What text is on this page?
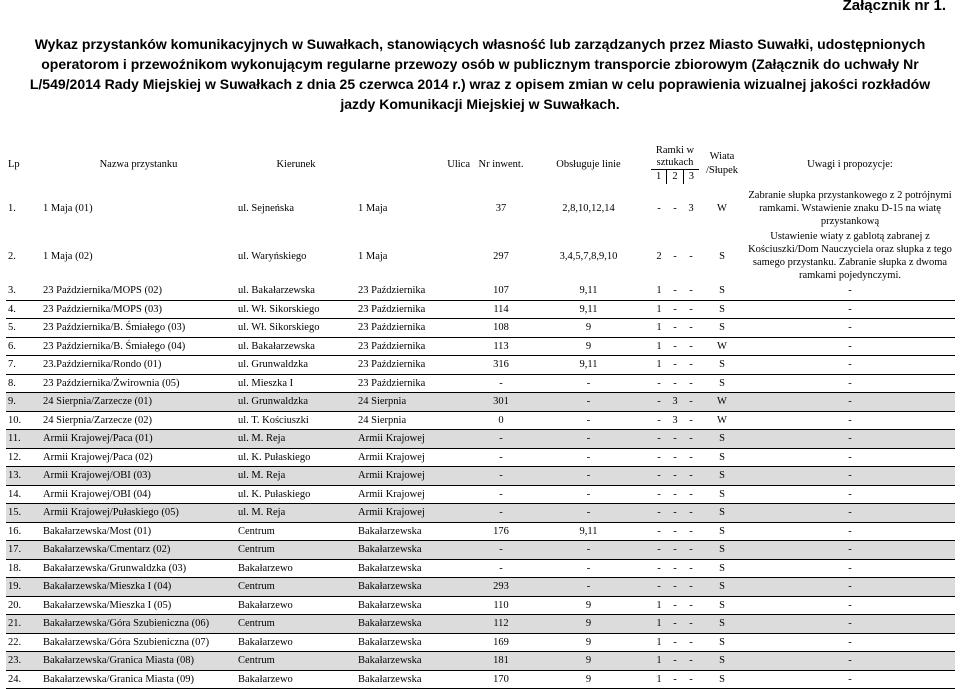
Załącznik nr 1.
Wykaz przystanków komunikacyjnych w Suwałkach, stanowiących własność lub zarządzanych przez Miasto Suwałki, udostępnionych operatorom i przewoźnikom wykonującym regularne przewozy osób w publicznym transporcie zbiorowym (Załącznik do uchwały Nr L/549/2014 Rady Miejskiej w Suwałkach z dnia 25 czerwca 2014 r.) wraz z opisem zmian w celu poprawienia wizualnej jakości rozkładów jazdy Komunikacji Miejskiej w Suwałkach.
Lp	Nazwa przystanku	Kierunek	Ulica	Nr inwent.	Obsługuje linie	Ramki w sztukach
1 2 3	Wiata /Słupek	Uwagi i propozycje:
1.	1 Maja (01)	ul. Sejneńska	1 Maja	37	2,8,10,12,14	- - 3	W	Zabranie słupka przystankowego z 2 potrójnymi ramkami. Wstawienie znaku D-15 na wiatę przystankową
2.	1 Maja (02)	ul. Waryńskiego	1 Maja	297	3,4,5,7,8,9,10	2 - -	S	Ustawienie wiaty z gablotą zabranej z Kościuszki/Dom Nauczyciela oraz słupka z tego samego przystanku. Zabranie słupka z dwoma ramkami pojedynczymi.
3.	23 Października/MOPS (02)	ul. Bakałarzewska	23 Października	107	9,11	1 - -	S	-
4.	23 Października/MOPS (03)	ul. Wł. Sikorskiego	23 Października	114	9,11	1 - -	S	-
5.	23 Października/B. Śmiałego (03)	ul. Wł. Sikorskiego	23 Października	108	9	1 - -	S	-
6.	23 Października/B. Śmiałego (04)	ul. Bakałarzewska	23 Października	113	9	1 - -	W	-
7.	23.Października/Rondo (01)	ul. Grunwaldzka	23 Października	316	9,11	1 - -	S	-
8.	23 Października/Żwirownia (05)	ul. Mieszka I	23 Października	-	-	- - -	S	-
9.	24 Sierpnia/Zarzecze (01)	ul. Grunwaldzka	24 Sierpnia	301	-	- 3 -	W	-
10.	24 Sierpnia/Zarzecze (02)	ul. T. Kościuszki	24 Sierpnia	0	-	- 3 -	W	-
11.	Armii Krajowej/Paca (01)	ul. M. Reja	Armii Krajowej	-	-	- - -	S	-
12.	Armii Krajowej/Paca (02)	ul. K. Pułaskiego	Armii Krajowej	-	-	- - -	S	-
13.	Armii Krajowej/OBI (03)	ul. M. Reja	Armii Krajowej	-	-	- - -	S	-
14.	Armii Krajowej/OBI (04)	ul. K. Pułaskiego	Armii Krajowej	-	-	- - -	S	-
15.	Armii Krajowej/Pułaskiego (05)	ul. M. Reja	Armii Krajowej	-	-	- - -	S	-
16.	Bakałarzewska/Most (01)	Centrum	Bakałarzewska	176	9,11	- - -	S	-
17.	Bakałarzewska/Cmentarz (02)	Centrum	Bakałarzewska	-	-	- - -	S	-
18.	Bakałarzewska/Grunwaldzka (03)	Bakałarzewo	Bakałarzewska	-	-	- - -	S	-
19.	Bakałarzewska/Mieszka I (04)	Centrum	Bakałarzewska	293	-	- - -	S	-
20.	Bakałarzewska/Mieszka I (05)	Bakałarzewo	Bakałarzewska	110	9	1 - -	S	-
21.	Bakałarzewska/Góra Szubieniczna (06)	Centrum	Bakałarzewska	112	9	1 - -	S	-
22.	Bakałarzewska/Góra Szubieniczna (07)	Bakałarzewo	Bakałarzewska	169	9	1 - -	S	-
23.	Bakałarzewska/Granica Miasta (08)	Centrum	Bakałarzewska	181	9	1 - -	S	-
24.	Bakałarzewska/Granica Miasta (09)	Bakałarzewo	Bakałarzewska	170	9	1 - -	S	-
